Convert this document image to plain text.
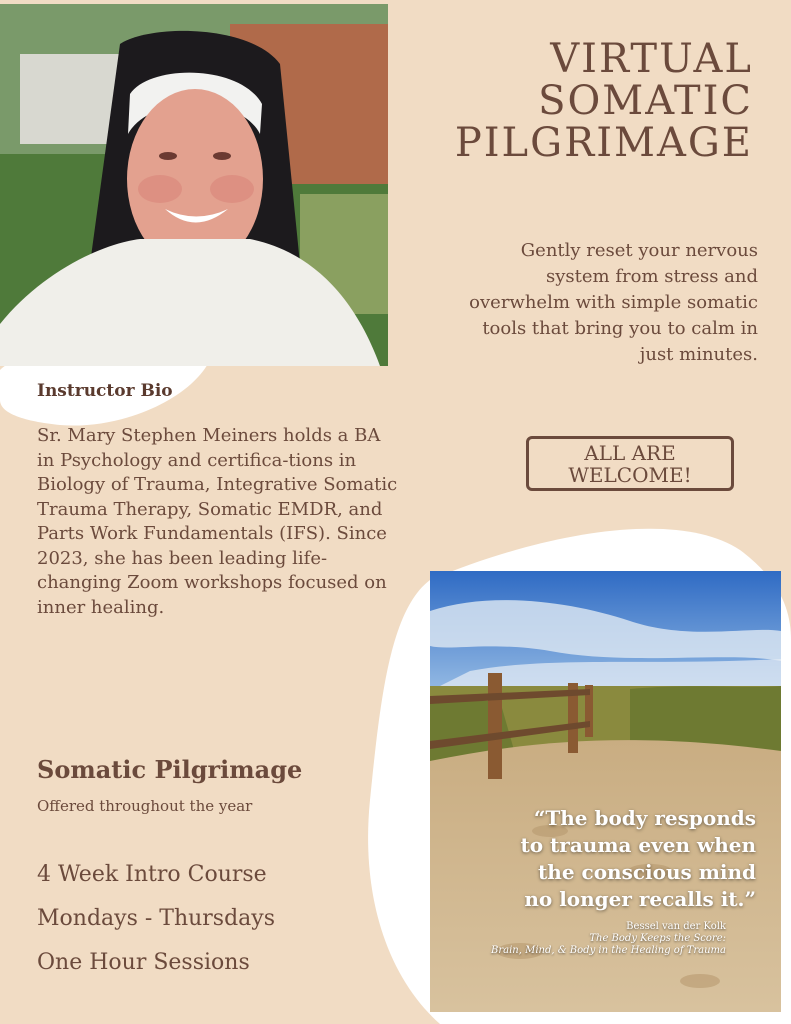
VIRTUAL
SOMATIC
PILGRIMAGE
Gently reset your nervous system from stress and overwhelm with simple somatic tools that bring you to calm in just minutes.
ALL ARE
WELCOME!
Instructor Bio
Sr. Mary Stephen Meiners holds a BA in Psychology and certifica-tions in Biology of Trauma, Integrative Somatic Trauma Therapy, Somatic EMDR, and Parts Work Fundamentals (IFS). Since 2023, she has been leading life-changing Zoom workshops focused on inner healing.
Somatic Pilgrimage
Offered throughout the year
4 Week Intro Course
Mondays - Thursdays
One Hour Sessions
“The body responds
to trauma even when
the conscious mind
no longer recalls it.”
Bessel van der Kolk
The Body Keeps the Score:
Brain, Mind, & Body in the Healing of Trauma
